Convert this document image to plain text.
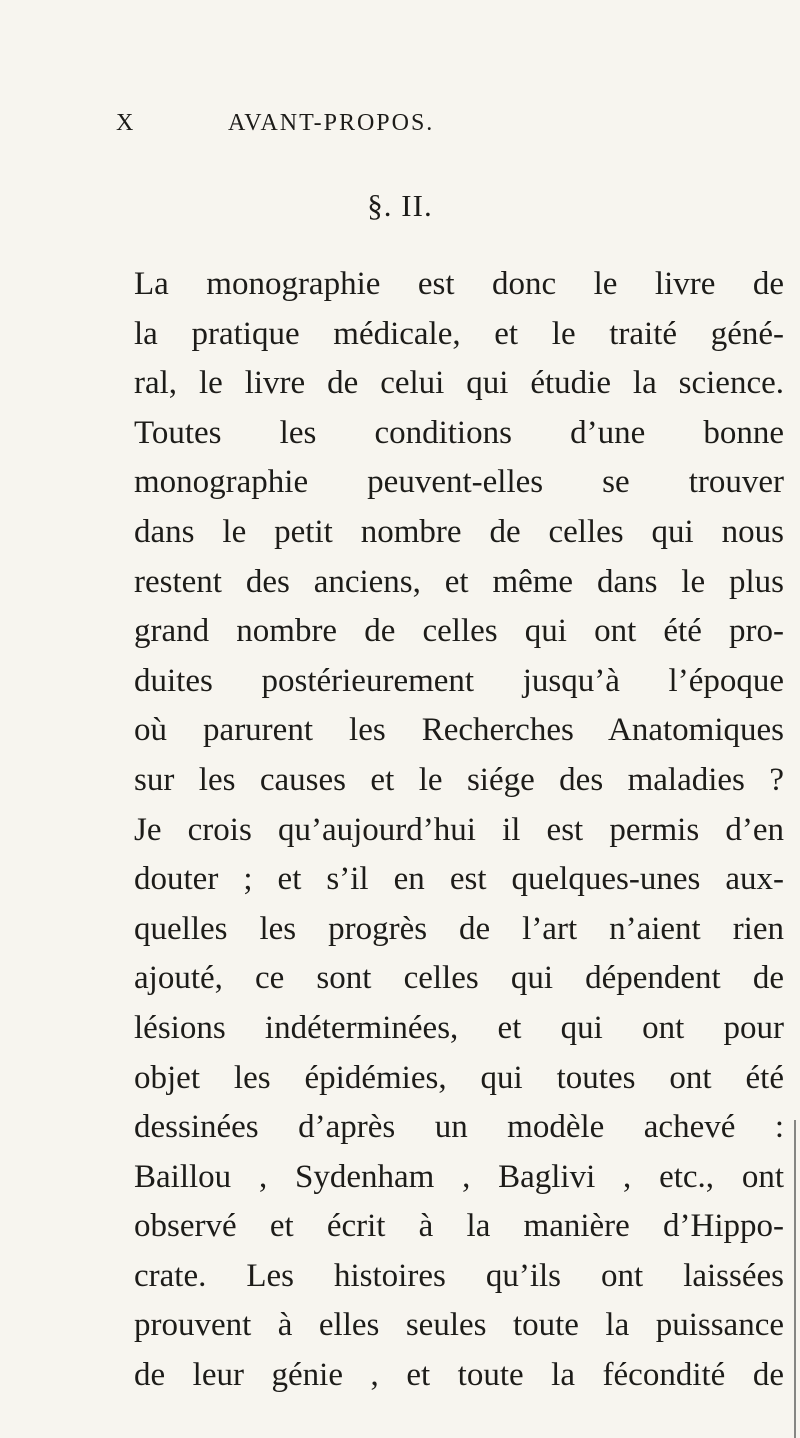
X	AVANT-PROPOS.
§. II.
La monographie est donc le livre de
la pratique médicale, et le traité géné-
ral, le livre de celui qui étudie la science.
Toutes les conditions d’une bonne
monographie peuvent-elles se trouver
dans le petit nombre de celles qui nous
restent des anciens, et même dans le plus
grand nombre de celles qui ont été pro-
duites postérieurement jusqu’à l’époque
où parurent les Recherches Anatomiques
sur les causes et le siége des maladies ?
Je crois qu’aujourd’hui il est permis d’en
douter ; et s’il en est quelques-unes aux-
quelles les progrès de l’art n’aient rien
ajouté, ce sont celles qui dépendent de
lésions indéterminées, et qui ont pour
objet les épidémies, qui toutes ont été
dessinées d’après un modèle achevé :
Baillou , Sydenham , Baglivi , etc., ont
observé et écrit à la manière d’Hippo-
crate. Les histoires qu’ils ont laissées
prouvent à elles seules toute la puissance
de leur génie , et toute la fécondité de
